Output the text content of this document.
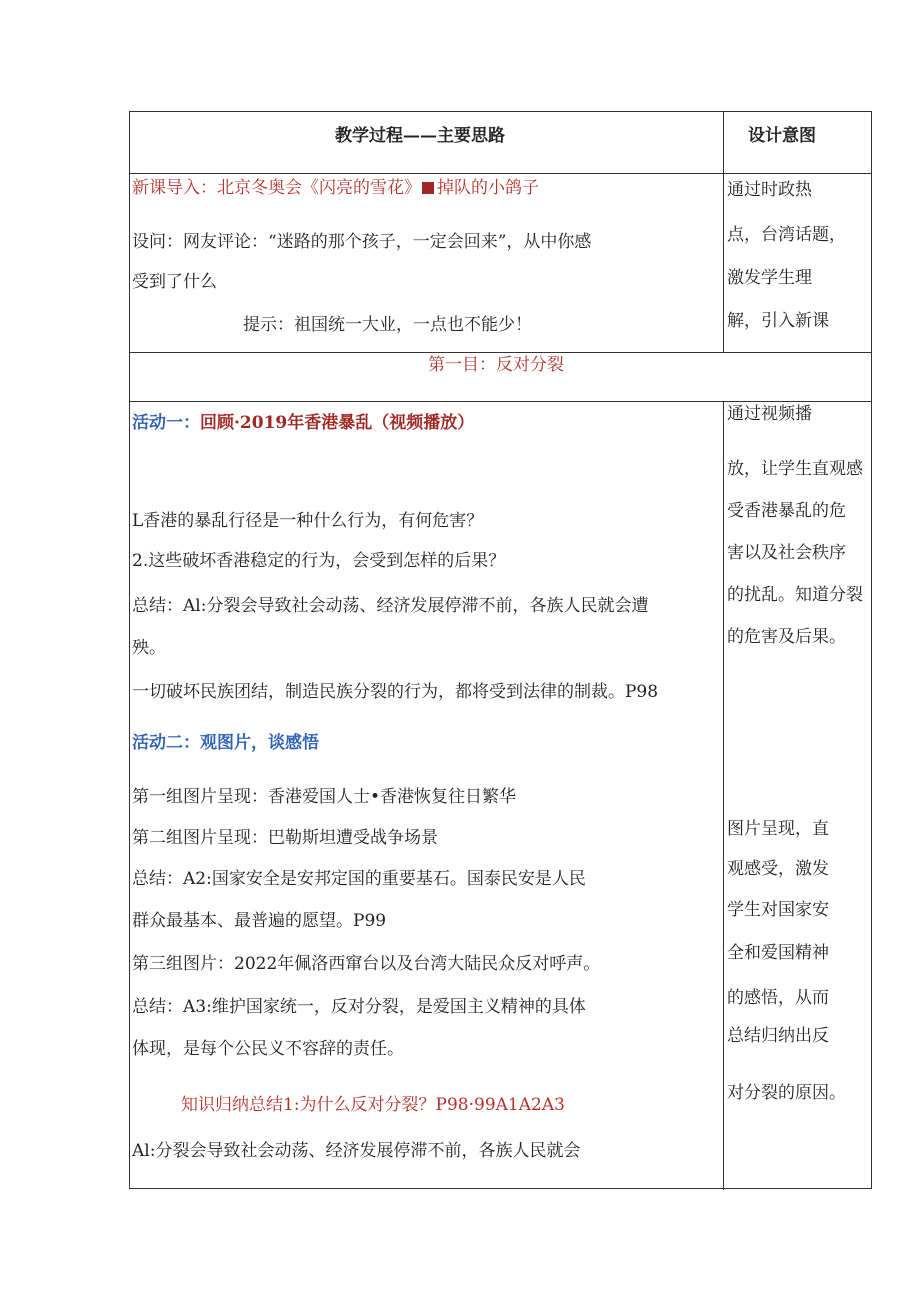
教学过程——主要思路	设计意图
新课导入：北京冬奥会《闪亮的雪花》 掉队的小鸽子
设问：网友评论：“迷路的那个孩子，一定会回来”，从中你感
受到了什么
提示：祖国统一大业，一点也不能少！
通过时政热
点，台湾话题，
激发学生理
解，引入新课
第一目：反对分裂
活动一：回顾·2019年香港暴乱（视频播放）
L香港的暴乱行径是一种什么行为，有何危害？
2.这些破坏香港稳定的行为，会受到怎样的后果？
总结：Al:分裂会导致社会动荡、经济发展停滞不前，各族人民就会遭
殃。
一切破坏民族团结，制造民族分裂的行为，都将受到法律的制裁。P98
通过视频播
放，让学生直观感
受香港暴乱的危
害以及社会秩序
的扰乱。知道分裂
的危害及后果。
活动二：观图片，谈感悟
第一组图片呈现：香港爱国人士•香港恢复往日繁华
第二组图片呈现：巴勒斯坦遭受战争场景
总结：A2:国家安全是安邦定国的重要基石。国泰民安是人民
群众最基本、最普遍的愿望。P99
第三组图片：2022年佩洛西窜台以及台湾大陆民众反对呼声。
总结：A3:维护国家统一，反对分裂，是爱国主义精神的具体
体现，是每个公民义不容辞的责任。
图片呈现，直
观感受，激发
学生对国家安
全和爱国精神
的感悟，从而
总结归纳出反
对分裂的原因。
知识归纳总结1:为什么反对分裂？P98·99A1A2A3
Al:分裂会导致社会动荡、经济发展停滞不前，各族人民就会
